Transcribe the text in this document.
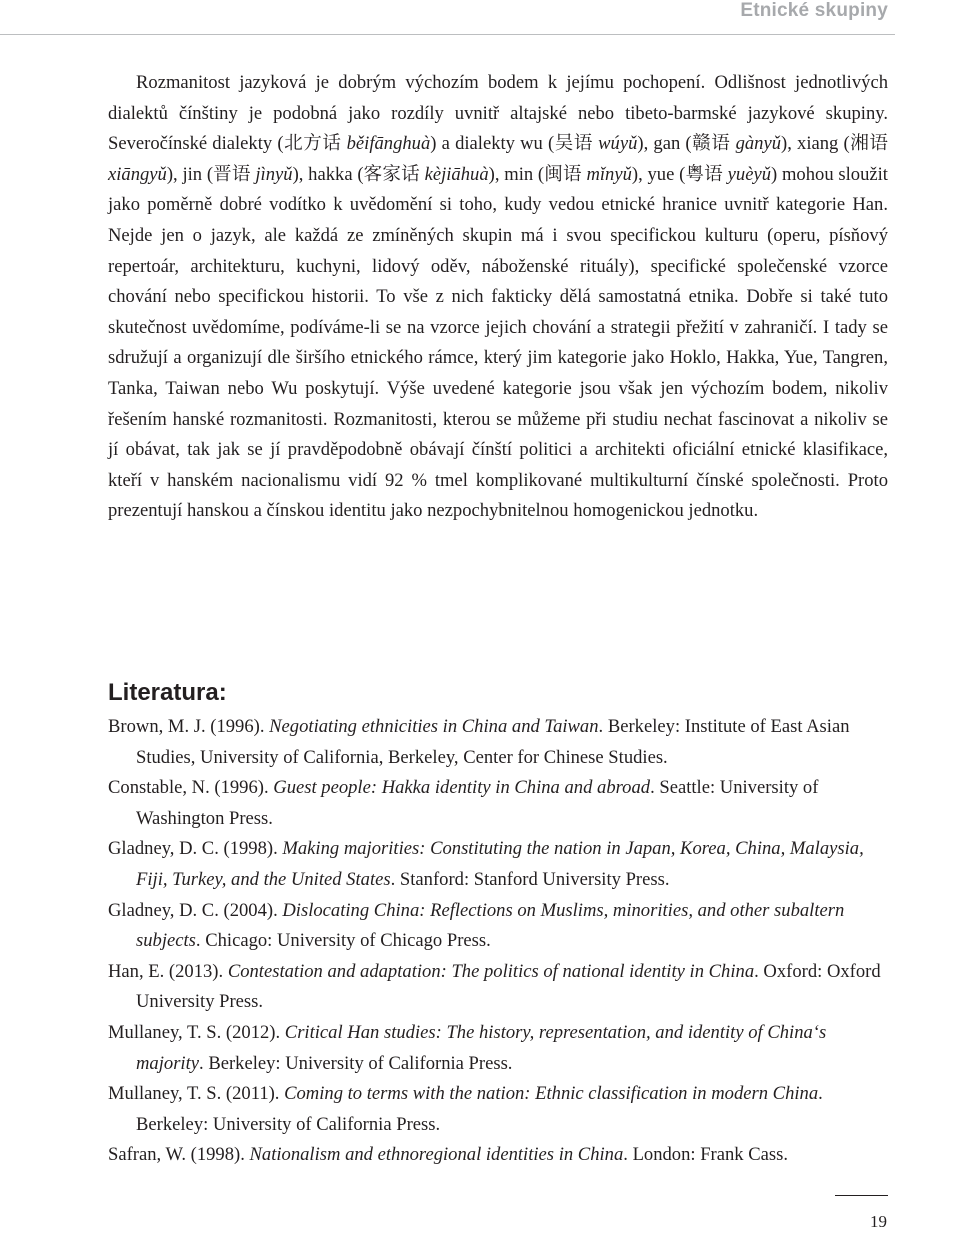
Etnické skupiny

Rozmanitost jazyková je dobrým výchozím bodem k jejímu pochopení. Odlišnost jednotlivých dialektů čínštiny je podobná jako rozdíly uvnitř altajské nebo tibeto-barmské jazykové skupiny. Severočínské dialekty (北方话 běifānghuà) a dialekty wu (吴语 wúyǔ), gan (赣语 gànyǔ), xiang (湘语 xiāngyǔ), jin (晋语 jìnyǔ), hakka (客家话 kèjiāhuà), min (闽语 mǐnyǔ), yue (粤语 yuèyǔ) mohou sloužit jako poměrně dobré vodítko k uvědomění si toho, kudy vedou etnické hranice uvnitř kategorie Han. Nejde jen o jazyk, ale každá ze zmíněných skupin má i svou specifickou kulturu (operu, písňový repertoár, architekturu, kuchyni, lidový oděv, náboženské rituály), specifické společenské vzorce chování nebo specifickou historii. To vše z nich fakticky dělá samostatná etnika. Dobře si také tuto skutečnost uvědomíme, podíváme-li se na vzorce jejich chování a strategii přežití v zahraničí. I tady se sdružují a organizují dle širšího etnického rámce, který jim kategorie jako Hoklo, Hakka, Yue, Tangren, Tanka, Taiwan nebo Wu poskytují. Výše uvedené kategorie jsou však jen výchozím bodem, nikoliv řešením hanské rozmanitosti. Rozmanitosti, kterou se můžeme při studiu nechat fascinovat a nikoliv se jí obávat, tak jak se jí pravděpodobně obávají čínští politici a architekti oficiální etnické klasifikace, kteří v hanském nacionalismu vidí 92 % tmel komplikované multikulturní čínské společnosti. Proto prezentují hanskou a čínskou identitu jako nezpochybnitelnou homogenickou jednotku.

Literatura:

Brown, M. J. (1996). Negotiating ethnicities in China and Taiwan. Berkeley: Institute of East Asian Studies, University of California, Berkeley, Center for Chinese Studies.

Constable, N. (1996). Guest people: Hakka identity in China and abroad. Seattle: University of Washington Press.

Gladney, D. C. (1998). Making majorities: Constituting the nation in Japan, Korea, China, Malaysia, Fiji, Turkey, and the United States. Stanford: Stanford University Press.

Gladney, D. C. (2004). Dislocating China: Reflections on Muslims, minorities, and other subaltern subjects. Chicago: University of Chicago Press.

Han, E. (2013). Contestation and adaptation: The politics of national identity in China. Oxford: Oxford University Press.

Mullaney, T. S. (2012). Critical Han studies: The history, representation, and identity of China‘s majority. Berkeley: University of California Press.

Mullaney, T. S. (2011). Coming to terms with the nation: Ethnic classification in modern China. Berkeley: University of California Press.

Safran, W. (1998). Nationalism and ethnoregional identities in China. London: Frank Cass.

19
